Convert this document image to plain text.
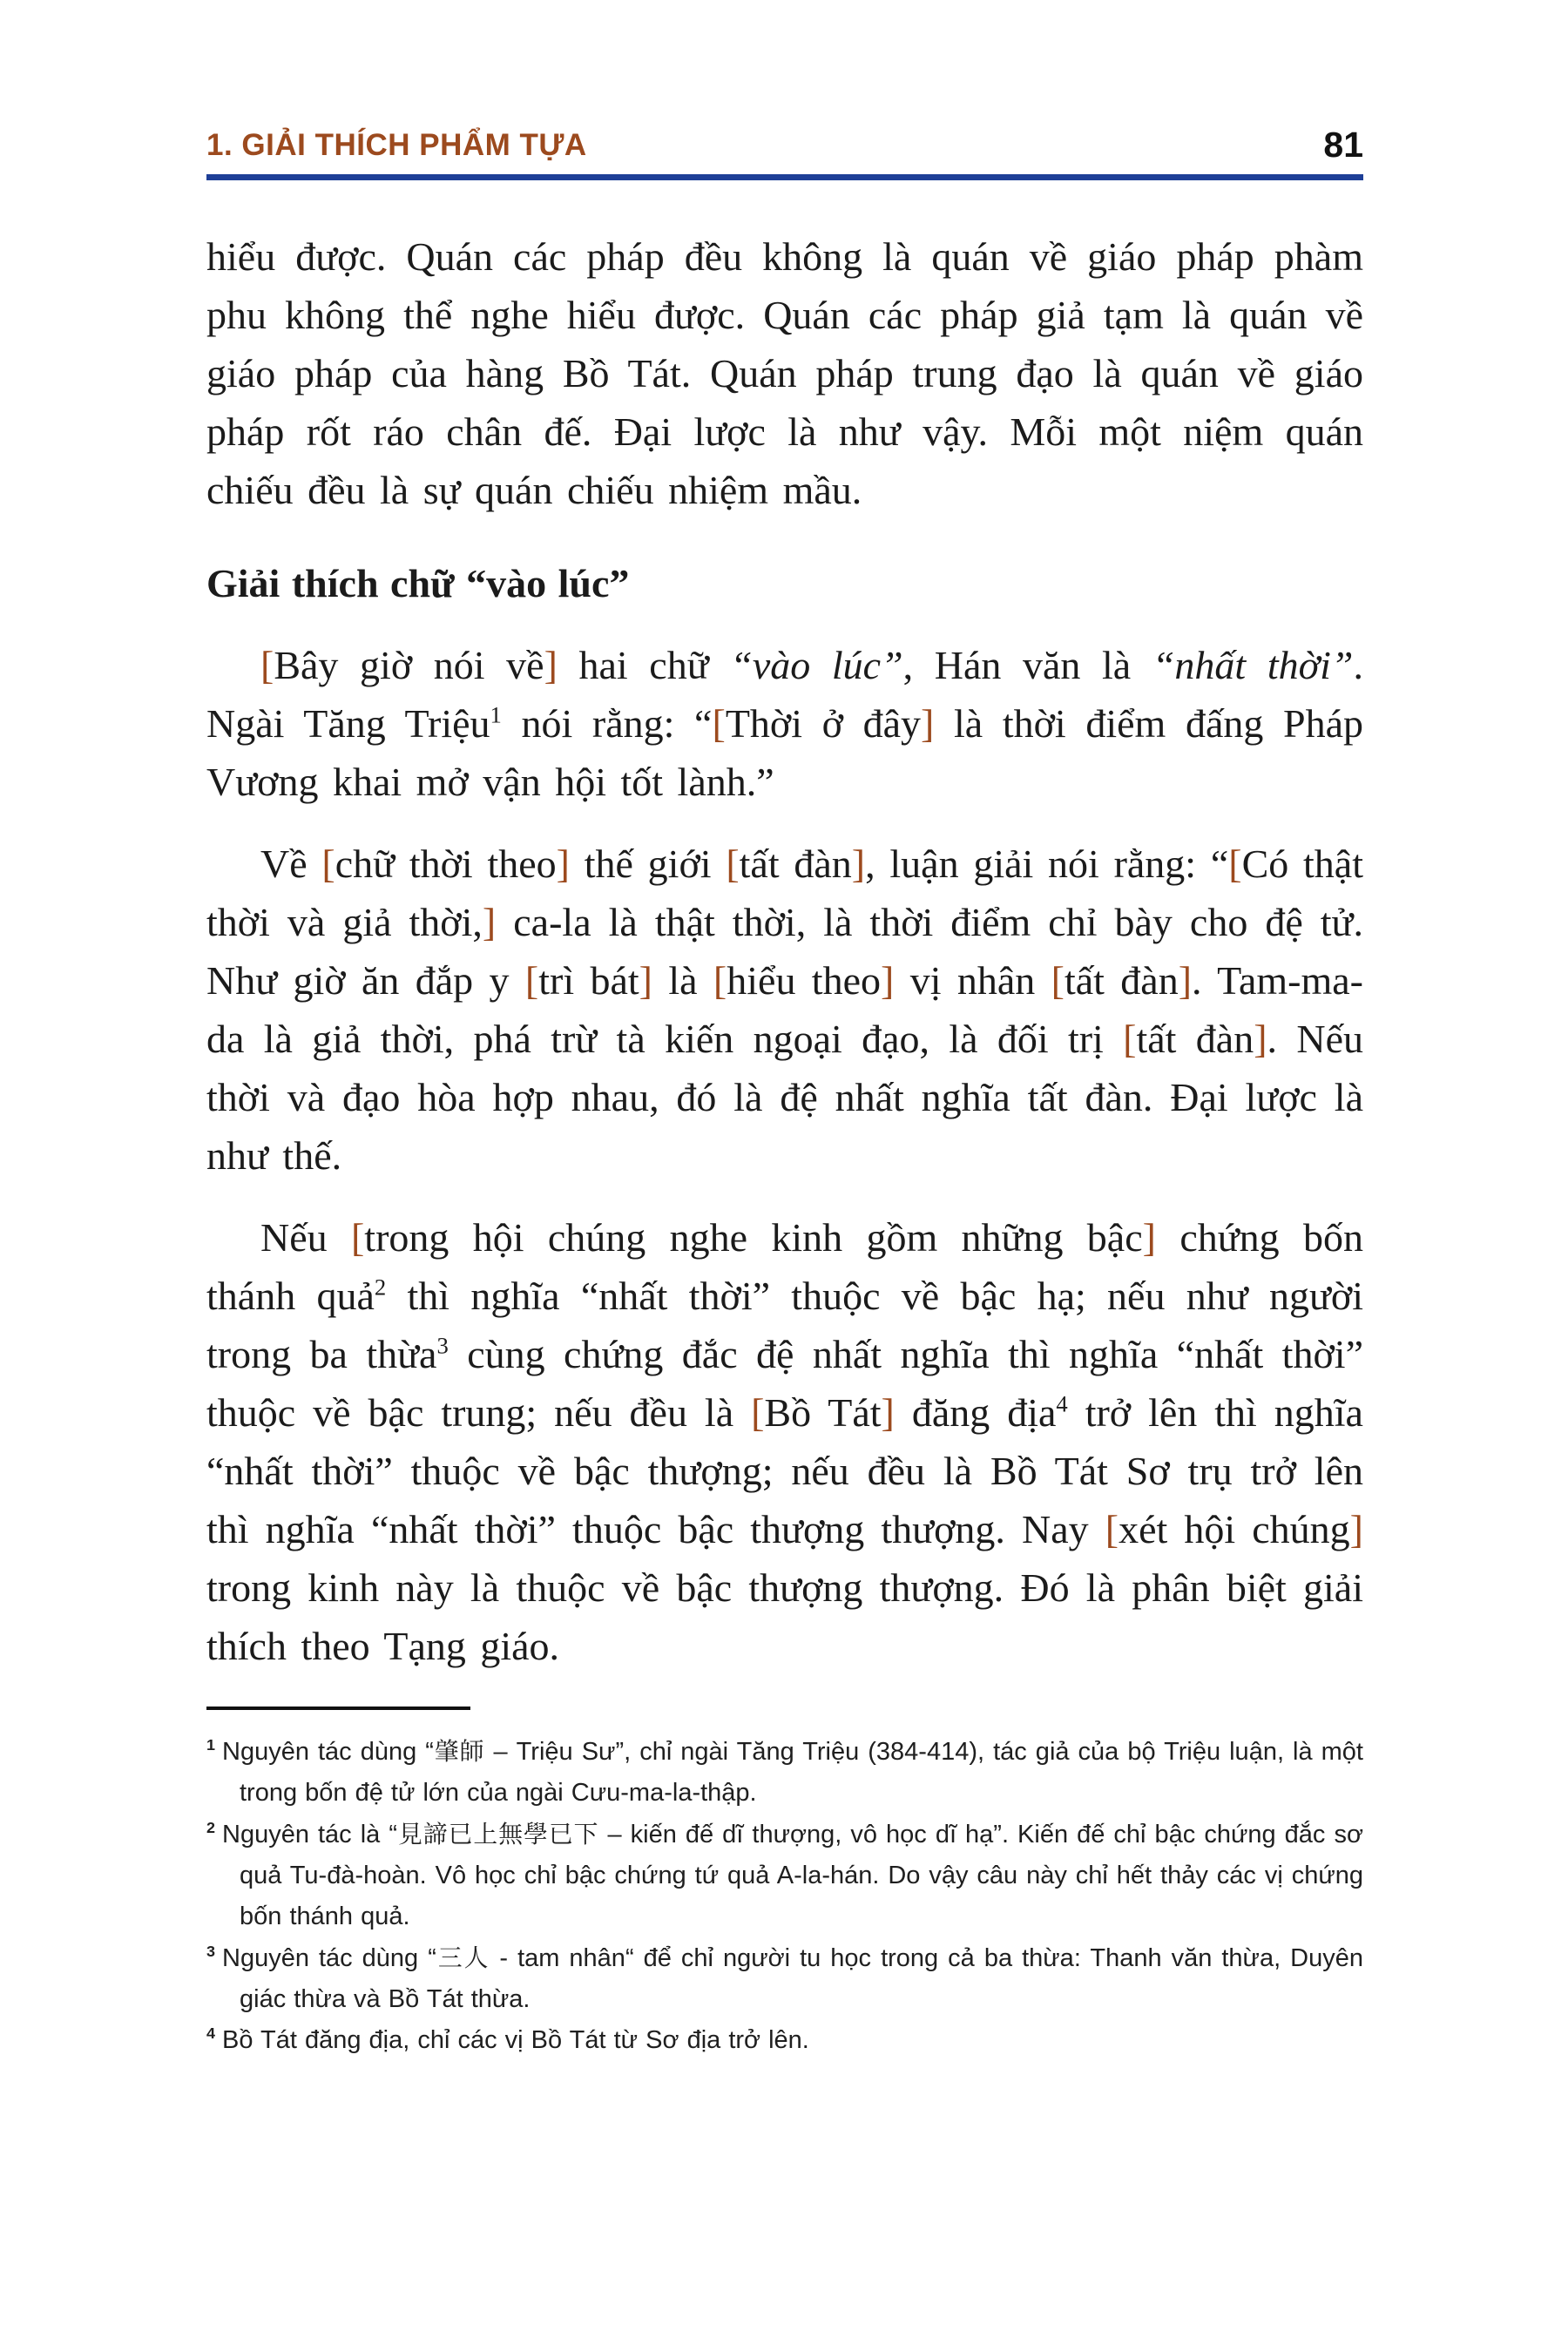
1. GIẢI THÍCH PHẨM TỰA	81

hiểu được. Quán các pháp đều không là quán về giáo pháp phàm phu không thể nghe hiểu được. Quán các pháp giả tạm là quán về giáo pháp của hàng Bồ Tát. Quán pháp trung đạo là quán về giáo pháp rốt ráo chân đế. Đại lược là như vậy. Mỗi một niệm quán chiếu đều là sự quán chiếu nhiệm mầu.

Giải thích chữ “vào lúc”

[Bây giờ nói về] hai chữ “vào lúc”, Hán văn là “nhất thời”. Ngài Tăng Triệu$^1$ nói rằng: “[Thời ở đây] là thời điểm đấng Pháp Vương khai mở vận hội tốt lành.”

Về [chữ thời theo] thế giới [tất đàn], luận giải nói rằng: “[Có thật thời và giả thời,] ca-la là thật thời, là thời điểm chỉ bày cho đệ tử. Như giờ ăn đắp y [trì bát] là [hiểu theo] vị nhân [tất đàn]. Tam-ma-da là giả thời, phá trừ tà kiến ngoại đạo, là đối trị [tất đàn]. Nếu thời và đạo hòa hợp nhau, đó là đệ nhất nghĩa tất đàn. Đại lược là như thế.

Nếu [trong hội chúng nghe kinh gồm những bậc] chứng bốn thánh quả$^2$ thì nghĩa “nhất thời” thuộc về bậc hạ; nếu như người trong ba thừa$^3$ cùng chứng đắc đệ nhất nghĩa thì nghĩa “nhất thời” thuộc về bậc trung; nếu đều là [Bồ Tát] đăng địa$^4$ trở lên thì nghĩa “nhất thời” thuộc về bậc thượng; nếu đều là Bồ Tát Sơ trụ trở lên thì nghĩa “nhất thời” thuộc bậc thượng thượng. Nay [xét hội chúng] trong kinh này là thuộc về bậc thượng thượng. Đó là phân biệt giải thích theo Tạng giáo.

$^1$ Nguyên tác dùng “肇師 – Triệu Sư”, chỉ ngài Tăng Triệu (384-414), tác giả của bộ Triệu luận, là một trong bốn đệ tử lớn của ngài Cưu-ma-la-thập.
$^2$ Nguyên tác là “見諦已上無學已下 – kiến đế dĩ thượng, vô học dĩ hạ”. Kiến đế chỉ bậc chứng đắc sơ quả Tu-đà-hoàn. Vô học chỉ bậc chứng tứ quả A-la-hán. Do vậy câu này chỉ hết thảy các vị chứng bốn thánh quả.
$^3$ Nguyên tác dùng “三人 - tam nhân“ để chỉ người tu học trong cả ba thừa: Thanh văn thừa, Duyên giác thừa và Bồ Tát thừa.
$^4$ Bồ Tát đăng địa, chỉ các vị Bồ Tát từ Sơ địa trở lên.
